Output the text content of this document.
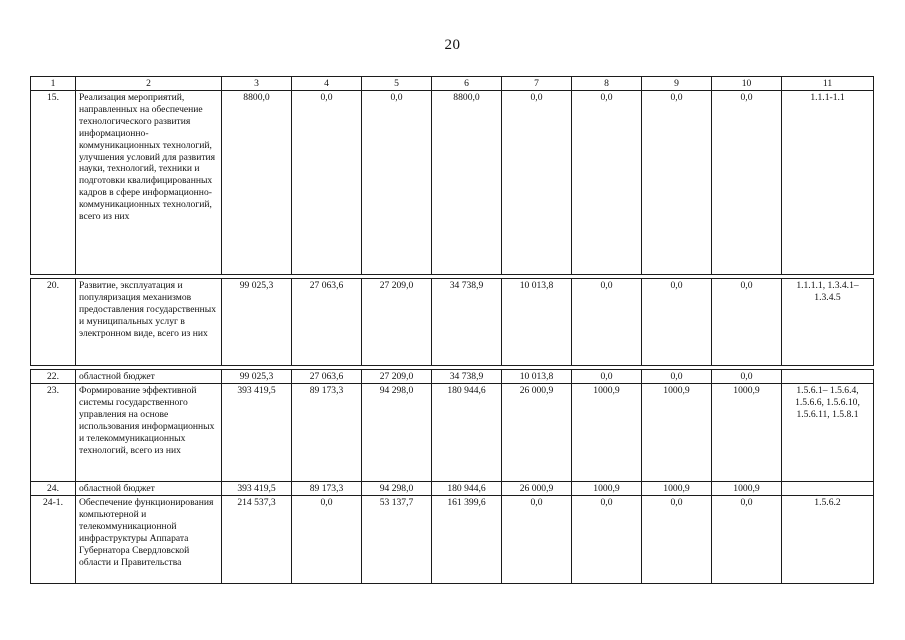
20
1	2	3	4	5	6	7	8	9	10	11
15.	Реализация мероприятий, направленных на обеспечение технологического развития информационно-коммуникационных технологий, улучшения условий для развития науки, технологий, техники и подготовки квалифицированных кадров в сфере информационно-коммуникационных технологий, всего из них	8800,0	0,0	0,0	8800,0	0,0	0,0	0,0	0,0	1.1.1-1.1

20.	Развитие, эксплуатация и популяризация механизмов предоставления государственных и муниципальных услуг в электронном виде, всего из них	99 025,3	27 063,6	27 209,0	34 738,9	10 013,8	0,0	0,0	0,0	1.1.1.1, 1.3.4.1– 1.3.4.5

22.	областной бюджет	99 025,3	27 063,6	27 209,0	34 738,9	10 013,8	0,0	0,0	0,0	
23.	Формирование эффективной системы государственного управления на основе использования информационных и телекоммуникационных технологий, всего из них	393 419,5	89 173,3	94 298,0	180 944,6	26 000,9	1000,9	1000,9	1000,9	1.5.6.1– 1.5.6.4, 1.5.6.6, 1.5.6.10, 1.5.6.11, 1.5.8.1
24.	областной бюджет	393 419,5	89 173,3	94 298,0	180 944,6	26 000,9	1000,9	1000,9	1000,9	
24-1.	Обеспечение функционирования компьютерной и телекоммуникационной инфраструктуры Аппарата Губернатора Свердловской области и Правительства	214 537,3	0,0	53 137,7	161 399,6	0,0	0,0	0,0	0,0	1.5.6.2
